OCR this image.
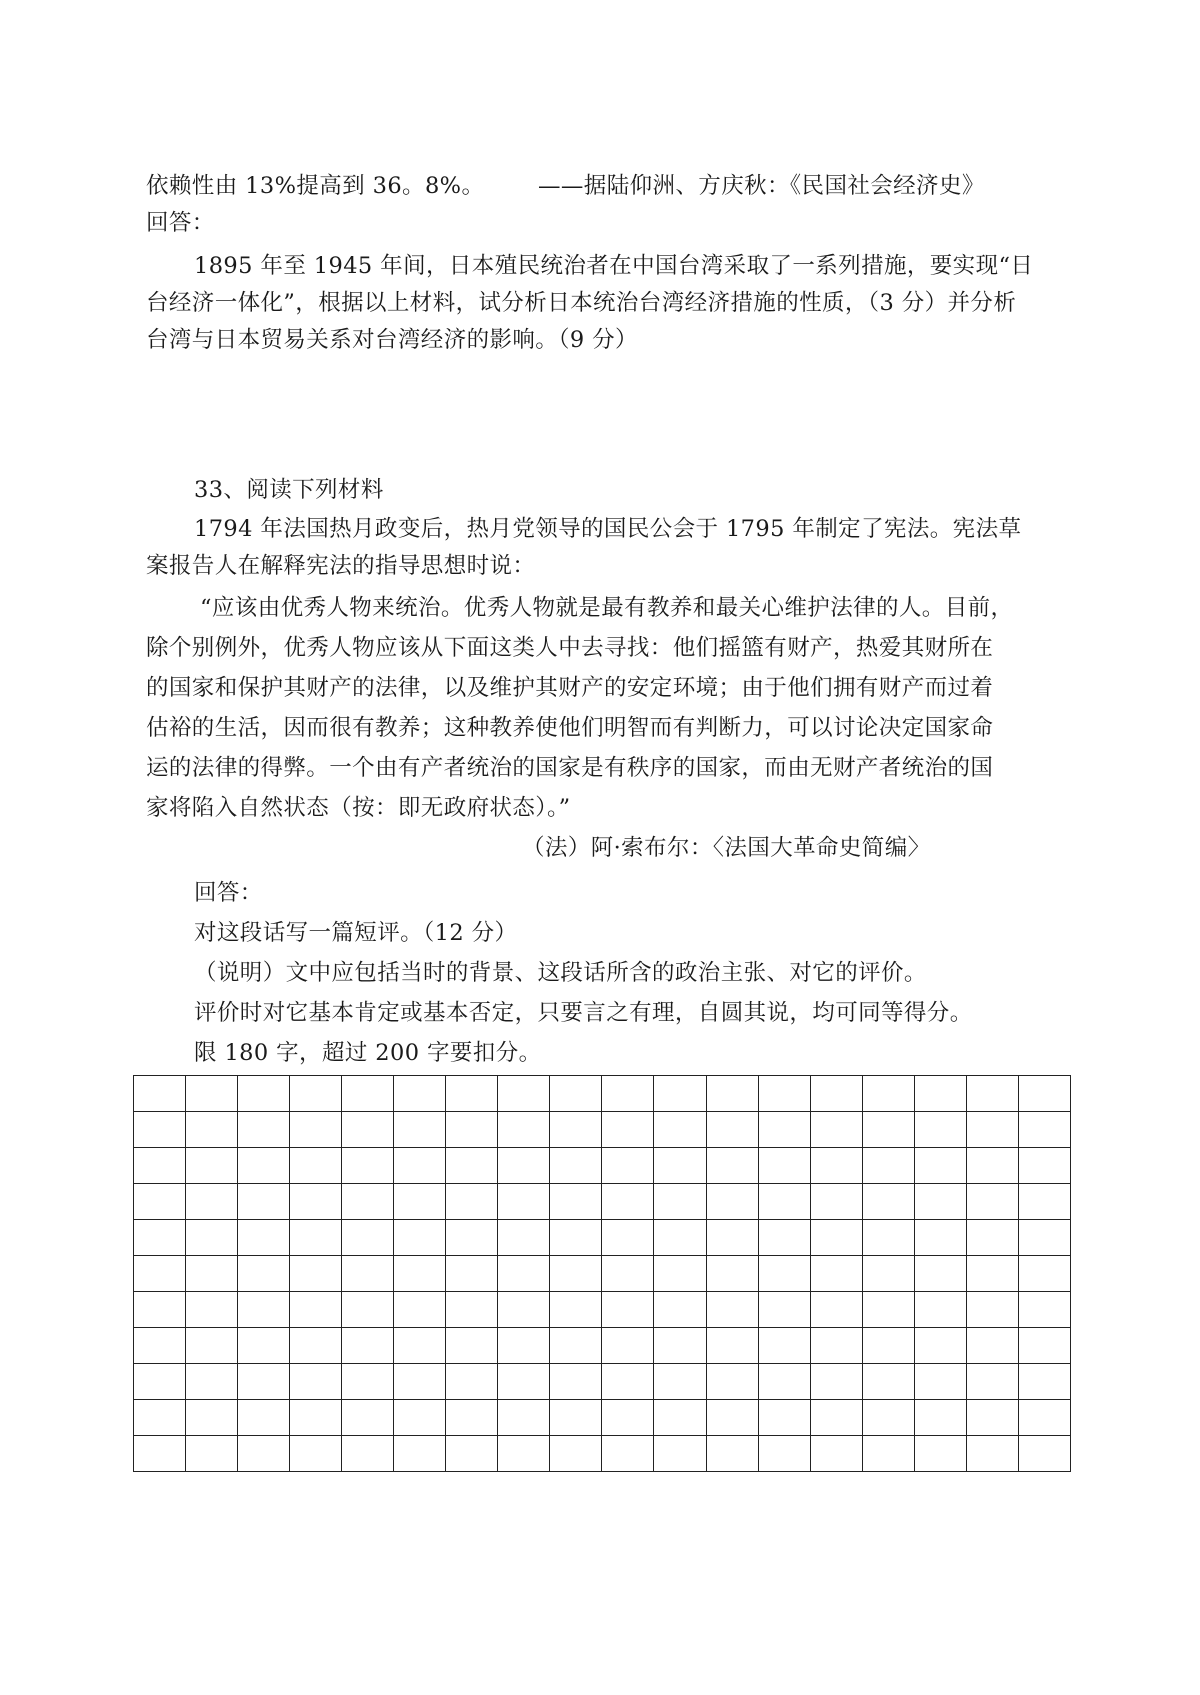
依赖性由 13%提高到 36。8%。 ——据陆仰洲、方庆秋：《民国社会经济史》
回答：
1895 年至 1945 年间，日本殖民统治者在中国台湾采取了一系列措施，要实现“日
台经济一体化”，根据以上材料，试分析日本统治台湾经济措施的性质，（3 分）并分析
台湾与日本贸易关系对台湾经济的影响。（9 分）
33、阅读下列材料
1794 年法国热月政变后，热月党领导的国民公会于 1795 年制定了宪法。宪法草
案报告人在解释宪法的指导思想时说：
“应该由优秀人物来统治。优秀人物就是最有教养和最关心维护法律的人。目前，
除个别例外，优秀人物应该从下面这类人中去寻找：他们摇篮有财产，热爱其财所在
的国家和保护其财产的法律，以及维护其财产的安定环境；由于他们拥有财产而过着
估裕的生活，因而很有教养；这种教养使他们明智而有判断力，可以讨论决定国家命
运的法律的得弊。一个由有产者统治的国家是有秩序的国家，而由无财产者统治的国
家将陷入自然状态（按：即无政府状态）。”
（法）阿·索布尔：〈法国大革命史简编〉
回答：
对这段话写一篇短评。（12 分）
（说明）文中应包括当时的背景、这段话所含的政治主张、对它的评价。
评价时对它基本肯定或基本否定，只要言之有理，自圆其说，均可同等得分。
限 180 字，超过 200 字要扣分。
